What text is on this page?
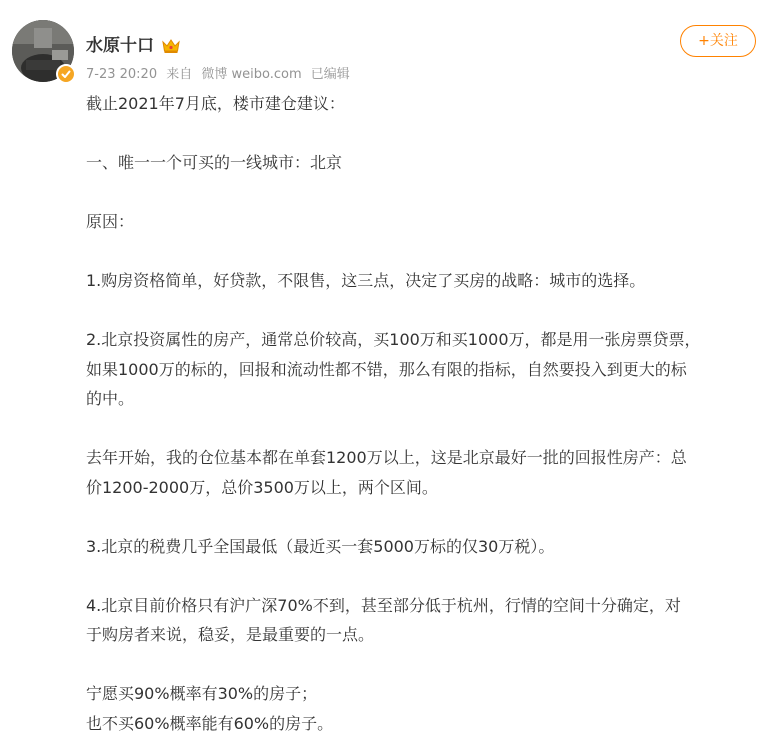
水原十口
7-23 20:20 来自 微博 weibo.com 已编辑
+关注

截止2021年7月底，楼市建仓建议：

一、唯一一个可买的一线城市：北京

原因：

1.购房资格简单，好贷款，不限售，这三点，决定了买房的战略：城市的选择。

2.北京投资属性的房产，通常总价较高，买100万和买1000万，都是用一张房票贷票，

如果1000万的标的，回报和流动性都不错，那么有限的指标，自然要投入到更大的标

的中。

去年开始，我的仓位基本都在单套1200万以上，这是北京最好一批的回报性房产：总

价1200-2000万，总价3500万以上，两个区间。

3.北京的税费几乎全国最低（最近买一套5000万标的仅30万税）。

4.北京目前价格只有沪广深70%不到，甚至部分低于杭州，行情的空间十分确定，对

于购房者来说，稳妥，是最重要的一点。

宁愿买90%概率有30%的房子；

也不买60%概率能有60%的房子。
